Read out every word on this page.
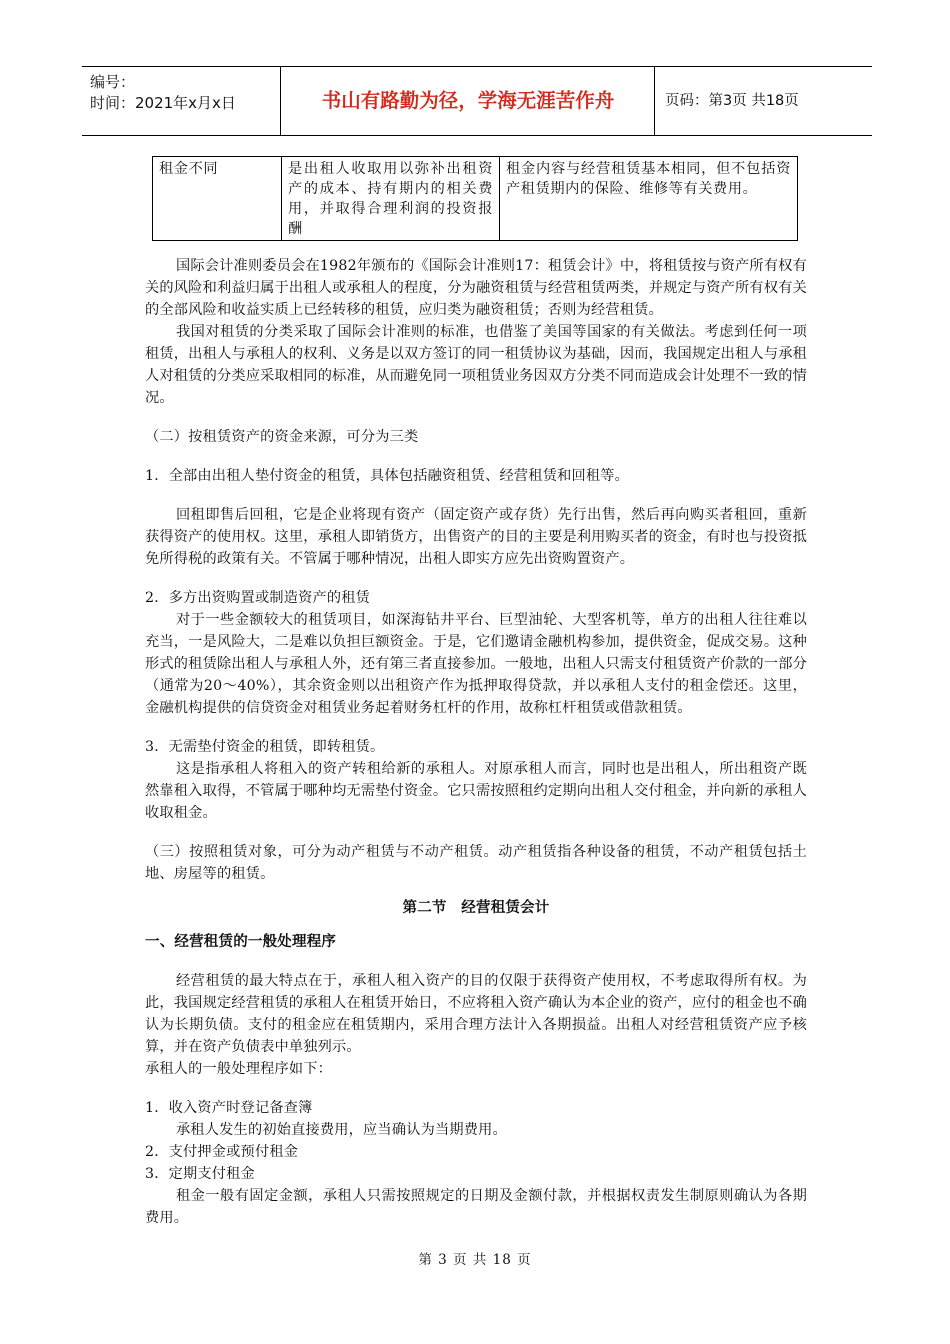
编号：
时间：2021年x月x日	书山有路勤为径，学海无涯苦作舟	页码：第3页 共18页
租金不同	是出租人收取用以弥补出租资产的成本、持有期内的相关费用，并取得合理利润的投资报酬	租金内容与经营租赁基本相同，但不包括资产租赁期内的保险、维修等有关费用。

国际会计准则委员会在1982年颁布的《国际会计准则17：租赁会计》中，将租赁按与资产所有权有关的风险和利益归属于出租人或承租人的程度，分为融资租赁与经营租赁两类，并规定与资产所有权有关的全部风险和收益实质上已经转移的租赁，应归类为融资租赁；否则为经营租赁。

我国对租赁的分类采取了国际会计准则的标准，也借鉴了美国等国家的有关做法。考虑到任何一项租赁，出租人与承租人的权利、义务是以双方签订的同一租赁协议为基础，因而，我国规定出租人与承租人对租赁的分类应采取相同的标准，从而避免同一项租赁业务因双方分类不同而造成会计处理不一致的情况。

（二）按租赁资产的资金来源，可分为三类

1．全部由出租人垫付资金的租赁，具体包括融资租赁、经营租赁和回租等。

回租即售后回租，它是企业将现有资产（固定资产或存货）先行出售，然后再向购买者租回，重新获得资产的使用权。这里，承租人即销货方，出售资产的目的主要是利用购买者的资金，有时也与投资抵免所得税的政策有关。不管属于哪种情况，出租人即实方应先出资购置资产。

2．多方出资购置或制造资产的租赁

对于一些金额较大的租赁项目，如深海钻井平台、巨型油轮、大型客机等，单方的出租人往往难以充当，一是风险大，二是难以负担巨额资金。于是，它们邀请金融机构参加，提供资金，促成交易。这种形式的租赁除出租人与承租人外，还有第三者直接参加。一般地，出租人只需支付租赁资产价款的一部分（通常为20～40%），其余资金则以出租资产作为抵押取得贷款，并以承租人支付的租金偿还。这里，金融机构提供的信贷资金对租赁业务起着财务杠杆的作用，故称杠杆租赁或借款租赁。

3．无需垫付资金的租赁，即转租赁。

这是指承租人将租入的资产转租给新的承租人。对原承租人而言，同时也是出租人，所出租资产既然靠租入取得，不管属于哪种均无需垫付资金。它只需按照租约定期向出租人交付租金，并向新的承租人收取租金。

（三）按照租赁对象，可分为动产租赁与不动产租赁。动产租赁指各种设备的租赁，不动产租赁包括土地、房屋等的租赁。

第二节　经营租赁会计

一、经营租赁的一般处理程序

经营租赁的最大特点在于，承租人租入资产的目的仅限于获得资产使用权，不考虑取得所有权。为此，我国规定经营租赁的承租人在租赁开始日，不应将租入资产确认为本企业的资产，应付的租金也不确认为长期负债。支付的租金应在租赁期内，采用合理方法计入各期损益。出租人对经营租赁资产应予核算，并在资产负债表中单独列示。

承租人的一般处理程序如下：

1．收入资产时登记备查簿

承租人发生的初始直接费用，应当确认为当期费用。

2．支付押金或预付租金

3．定期支付租金

租金一般有固定金额，承租人只需按照规定的日期及金额付款，并根据权责发生制原则确认为各期费用。

第 3 页 共 18 页
